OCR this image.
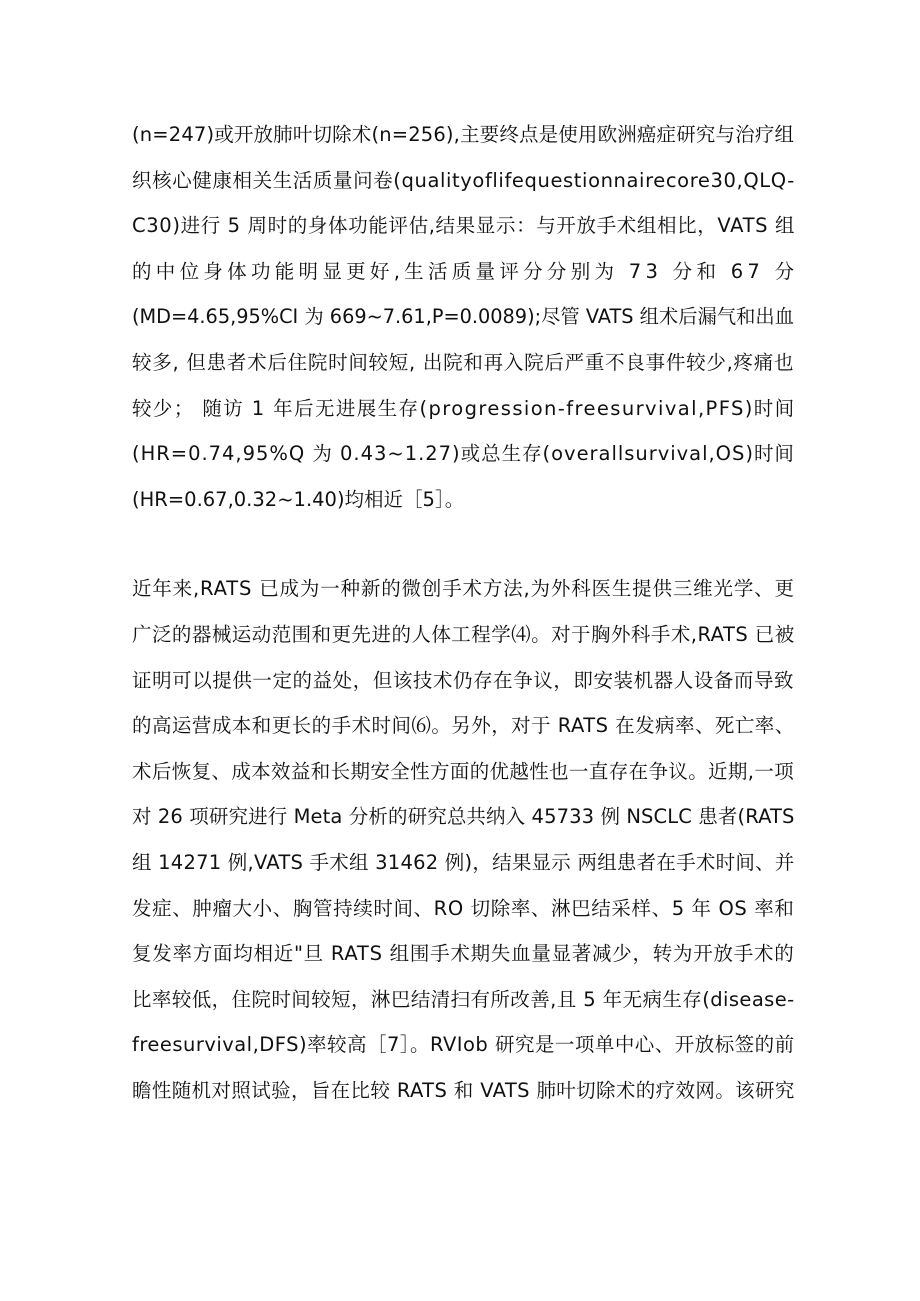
(n=247)或开放肺叶切除术(n=256),主要终点是使用欧洲癌症研究与治疗组
织核心健康相关生活质量问卷(qualityoflifequestionnairecore30,QLQ-
C30)进行 5 周时的身体功能评估,结果显示：与开放手术组相比，VATS 组
的中位身体功能明显更好,生活质量评分分别为 73 分和 67 分
(MD=4.65,95%CI 为 669~7.61,P=0.0089);尽管 VATS 组术后漏气和出血
较多, 但患者术后住院时间较短, 出院和再入院后严重不良事件较少,疼痛也
较少； 随访 1 年后无进展生存(progression-freesurvival,PFS)时间
(HR=0.74,95%Q 为 0.43~1.27)或总生存(overallsurvival,OS)时间
(HR=0.67,0.32~1.40)均相近［5］。

近年来,RATS 已成为一种新的微创手术方法,为外科医生提供三维光学、更
广泛的器械运动范围和更先进的人体工程学⑷。对于胸外科手术,RATS 已被
证明可以提供一定的益处，但该技术仍存在争议，即安装机器人设备而导致
的高运营成本和更长的手术时间⑹。另外，对于 RATS 在发病率、死亡率、
术后恢复、成本效益和长期安全性方面的优越性也一直存在争议。近期,一项
对 26 项研究进行 Meta 分析的研究总共纳入 45733 例 NSCLC 患者(RATS
组 14271 例,VATS 手术组 31462 例)，结果显示 两组患者在手术时间、并
发症、肿瘤大小、胸管持续时间、RO 切除率、淋巴结采样、5 年 OS 率和
复发率方面均相近"旦 RATS 组围手术期失血量显著减少，转为开放手术的
比率较低，住院时间较短，淋巴结清扫有所改善,且 5 年无病生存(disease-
freesurvival,DFS)率较高［7］。RVIob 研究是一项单中心、开放标签的前
瞻性随机对照试验，旨在比较 RATS 和 VATS 肺叶切除术的疗效网。该研究
